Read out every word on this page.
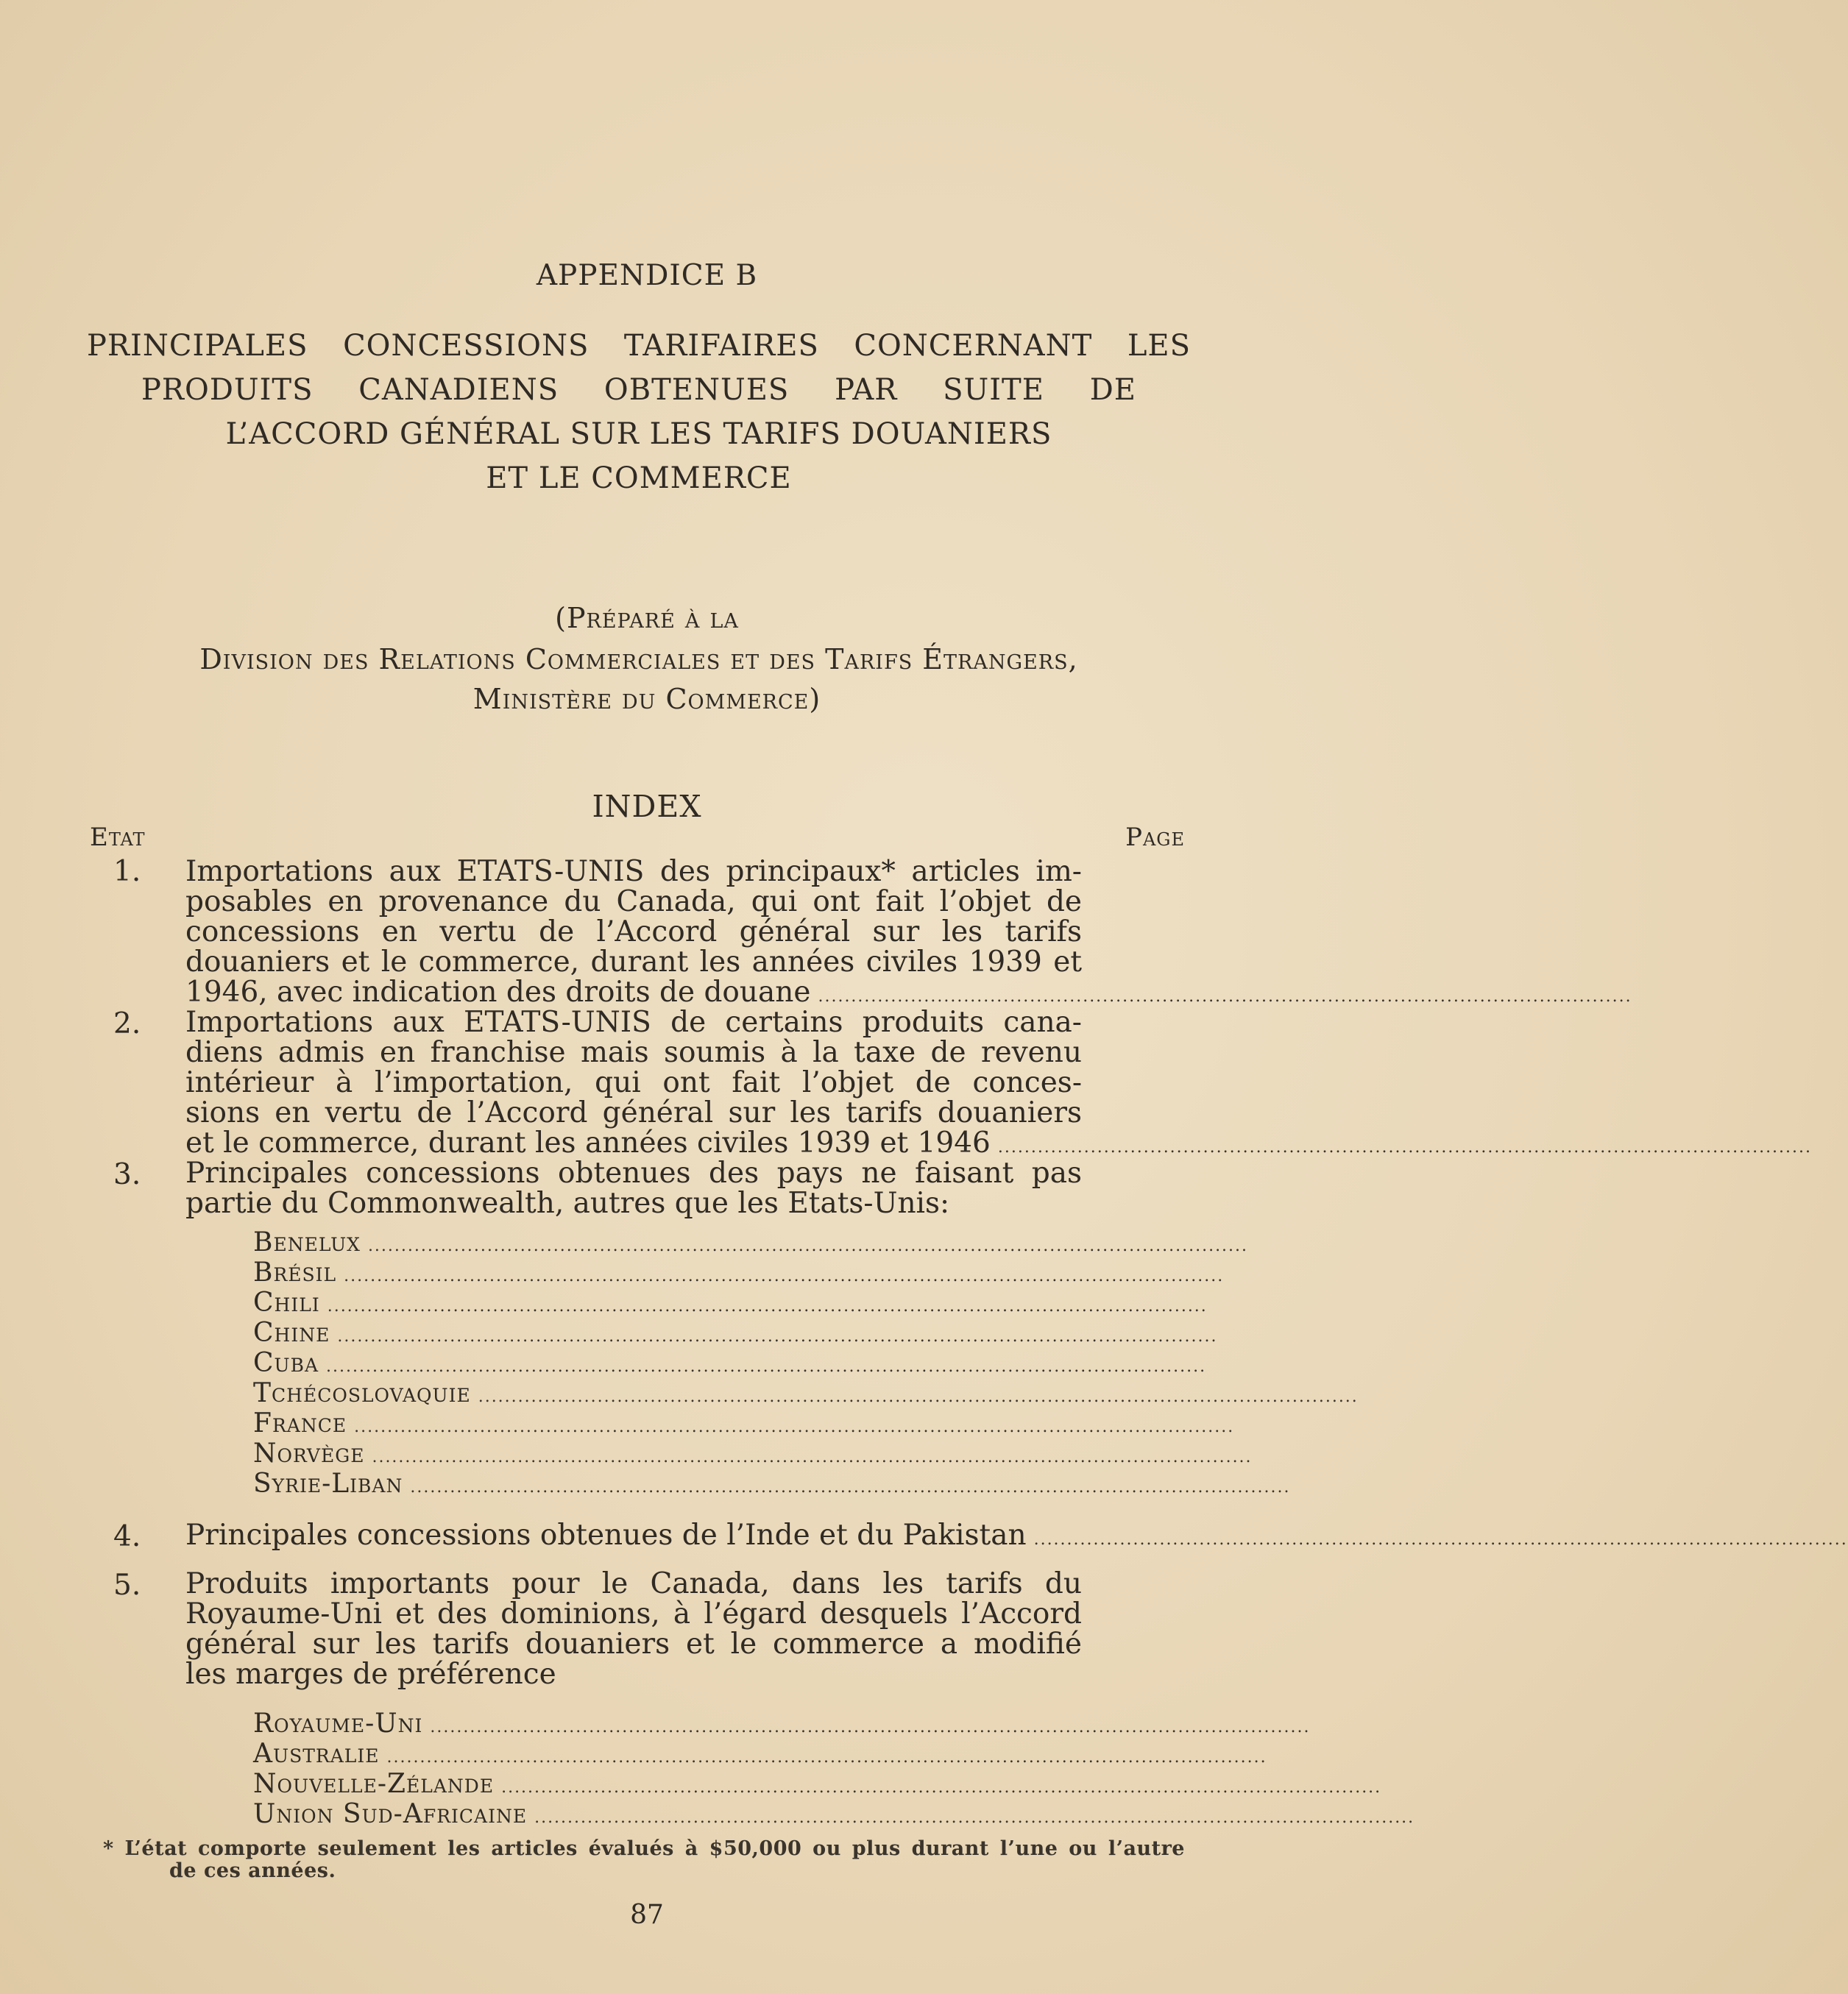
APPENDICE B
PRINCIPALES CONCESSIONS TARIFAIRES CONCERNANT LES
PRODUITS CANADIENS OBTENUES PAR SUITE DE
L’ACCORD GÉNÉRAL SUR LES TARIFS DOUANIERS
ET LE COMMERCE
(Préparé à la
Division des Relations Commerciales et des Tarifs Étrangers,
Ministère du Commerce)
INDEX
Etat	Page
1. Importations aux ETATS-UNIS des principaux* articles im-
posables en provenance du Canada, qui ont fait l’objet de
concessions en vertu de l’Accord général sur les tarifs
douaniers et le commerce, durant les années civiles 1939 et
1946, avec indication des droits de douane ...........................................................................................................................
2. Importations aux ETATS-UNIS de certains produits cana-
diens admis en franchise mais soumis à la taxe de revenu
intérieur à l’importation, qui ont fait l’objet de conces-
sions en vertu de l’Accord général sur les tarifs douaniers
et le commerce, durant les années civiles 1939 et 1946 ...........................................................................................................................
3. Principales concessions obtenues des pays ne faisant pas
partie du Commonwealth, autres que les Etats-Unis:
Benelux .....................................................................................................................................
Brésil .....................................................................................................................................
Chili .....................................................................................................................................
Chine .....................................................................................................................................
Cuba .....................................................................................................................................
Tchécoslovaquie .....................................................................................................................................
France .....................................................................................................................................
Norvège .....................................................................................................................................
Syrie-Liban .....................................................................................................................................
4. Principales concessions obtenues de l’Inde et du Pakistan ...........................................................................................................................
5. Produits importants pour le Canada, dans les tarifs du
Royaume-Uni et des dominions, à l’égard desquels l’Accord
général sur les tarifs douaniers et le commerce a modifié
les marges de préférence
Royaume-Uni .....................................................................................................................................
Australie .....................................................................................................................................
Nouvelle-Zélande .....................................................................................................................................
Union Sud-Africaine .....................................................................................................................................
* L’état comporte seulement les articles évalués à $50,000 ou plus durant l’une ou l’autre
de ces années.
87
